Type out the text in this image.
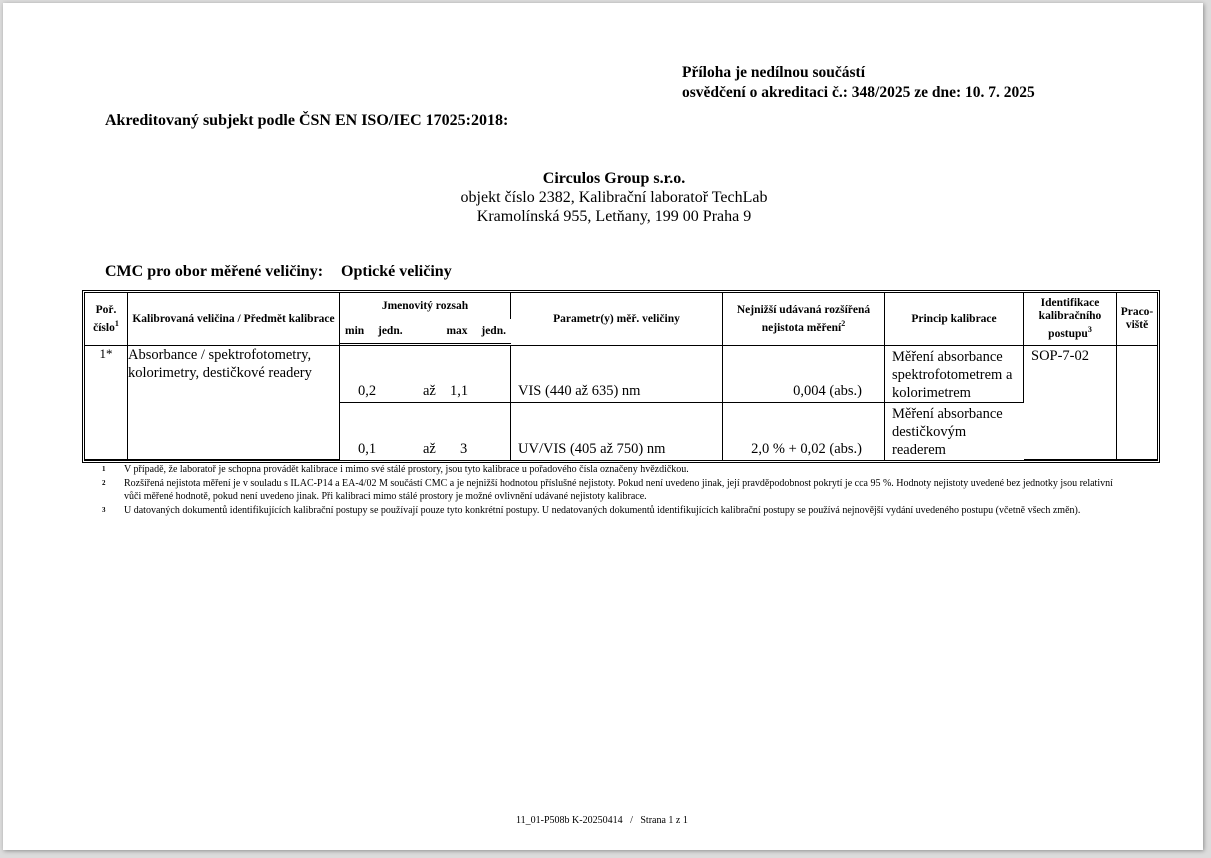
Příloha je nedílnou součástí
osvědčení o akreditaci č.: 348/2025 ze dne: 10. 7. 2025
Akreditovaný subjekt podle ČSN EN ISO/IEC 17025:2018:
Circulos Group s.r.o.
objekt číslo 2382, Kalibrační laboratoř TechLab
Kramolínská 955, Letňany, 199 00 Praha 9
CMC pro obor měřené veličiny: Optické veličiny
Poř. číslo$^1$	Kalibrovaná veličina / Předmět kalibrace	Jmenovitý rozsah	Parametr(y) měř. veličiny	Nejnižší udávaná rozšířená nejistota měření$^2$	Princip kalibrace	Identifikace kalibračního postupu$^3$	Praco-viště

		min jedn. max jedn.					

1*	Absorbance / spektrofotometry, kolorimetry, destičkové readery	0,2 až 1,1	VIS (440 až 635) nm	0,004 (abs.)	Měření absorbance spektrofotometrem a kolorimetrem	SOP-7-02	

		0,1 až 3	UV/VIS (405 až 750) nm	2,0 % + 0,02 (abs.)	Měření absorbance destičkovým readerem		
1	V případě, že laboratoř je schopna provádět kalibrace i mimo své stálé prostory, jsou tyto kalibrace u pořadového čísla označeny hvězdičkou.
2	Rozšířená nejistota měření je v souladu s ILAC-P14 a EA-4/02 M součástí CMC a je nejnižší hodnotou příslušné nejistoty. Pokud není uvedeno jinak, její pravděpodobnost pokrytí je cca 95 %. Hodnoty nejistoty uvedené bez jednotky jsou relativní vůči měřené hodnotě, pokud není uvedeno jinak. Při kalibraci mimo stálé prostory je možné ovlivnění udávané nejistoty kalibrace.
3	U datovaných dokumentů identifikujících kalibrační postupy se používají pouze tyto konkrétní postupy. U nedatovaných dokumentů identifikujících kalibrační postupy se používá nejnovější vydání uvedeného postupu (včetně všech změn).
11_01-P508b K-20250414   /   Strana 1 z 1
